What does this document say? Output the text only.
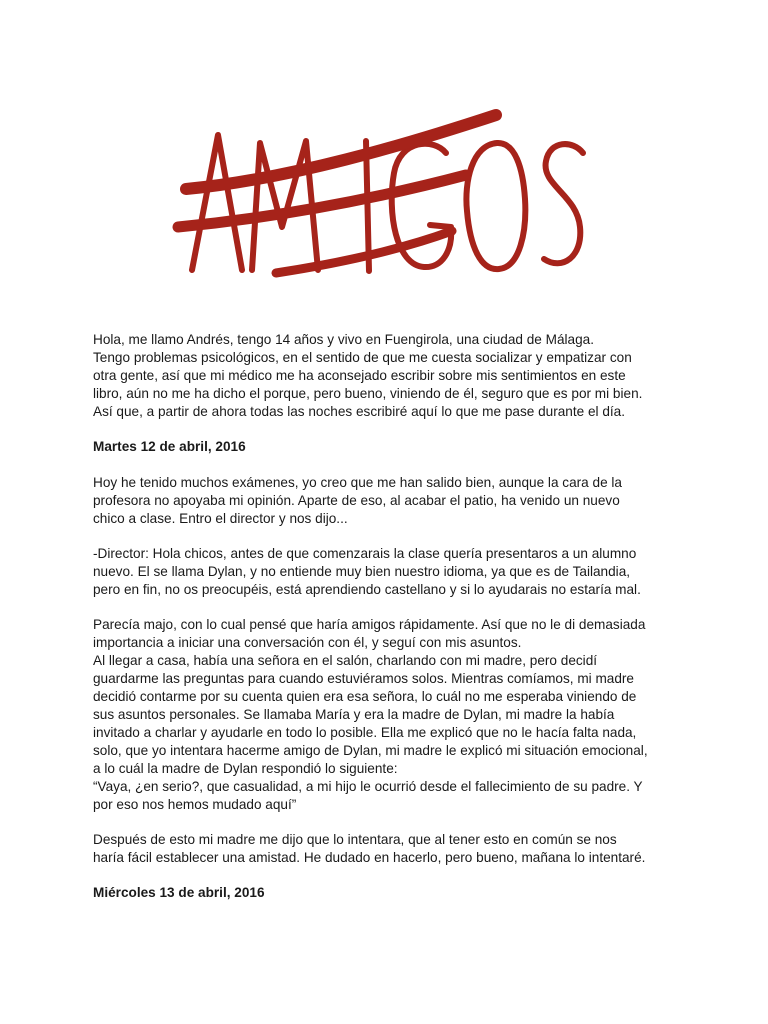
Hola, me llamo Andrés, tengo 14 años y vivo en Fuengirola, una ciudad de Málaga.
Tengo problemas psicológicos, en el sentido de que me cuesta socializar y empatizar con
otra gente, así que mi médico me ha aconsejado escribir sobre mis sentimientos en este
libro, aún no me ha dicho el porque, pero bueno, viniendo de él, seguro que es por mi bien.
Así que, a partir de ahora todas las noches escribiré aquí lo que me pase durante el día.
Martes 12 de abril, 2016
Hoy he tenido muchos exámenes, yo creo que me han salido bien, aunque la cara de la
profesora no apoyaba mi opinión. Aparte de eso, al acabar el patio, ha venido un nuevo
chico a clase. Entro el director y nos dijo...
-Director: Hola chicos, antes de que comenzarais la clase quería presentaros a un alumno
nuevo. El se llama Dylan, y no entiende muy bien nuestro idioma, ya que es de Tailandia,
pero en fin, no os preocupéis, está aprendiendo castellano y si lo ayudarais no estaría mal.
Parecía majo, con lo cual pensé que haría amigos rápidamente. Así que no le di demasiada
importancia a iniciar una conversación con él, y seguí con mis asuntos.
Al llegar a casa, había una señora en el salón, charlando con mi madre, pero decidí
guardarme las preguntas para cuando estuviéramos solos. Mientras comíamos, mi madre
decidió contarme por su cuenta quien era esa señora, lo cuál no me esperaba viniendo de
sus asuntos personales. Se llamaba María y era la madre de Dylan, mi madre la había
invitado a charlar y ayudarle en todo lo posible. Ella me explicó que no le hacía falta nada,
solo, que yo intentara hacerme amigo de Dylan, mi madre le explicó mi situación emocional,
a lo cuál la madre de Dylan respondió lo siguiente:
“Vaya, ¿en serio?, que casualidad, a mi hijo le ocurrió desde el fallecimiento de su padre. Y
por eso nos hemos mudado aquí”
Después de esto mi madre me dijo que lo intentara, que al tener esto en común se nos
haría fácil establecer una amistad. He dudado en hacerlo, pero bueno, mañana lo intentaré.
Miércoles 13 de abril, 2016
